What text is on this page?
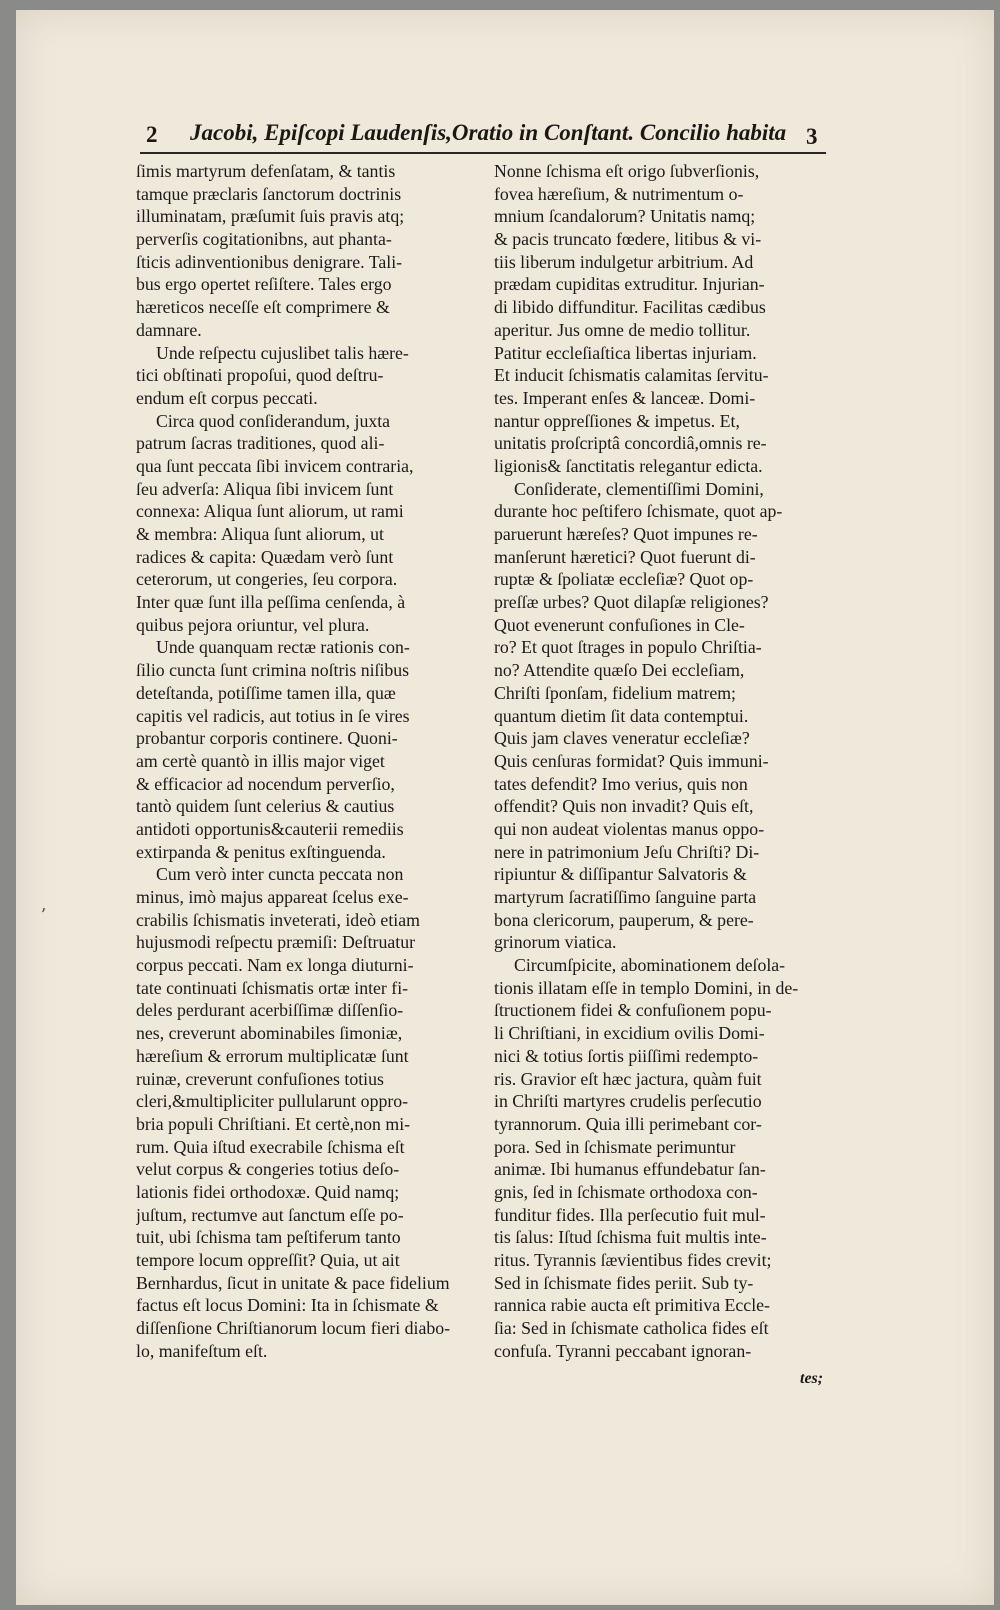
2 Jacobi, Epiſcopi Laudenſis,Oratio in Conſtant. Concilio habita 3
ſimis martyrum defenſatam, & tantis
tamque præclaris ſanctorum doctrinis
illuminatam, præſumit ſuis pravis atq;
perverſis cogitationibns, aut phanta-
ſticis adinventionibus denigrare. Tali-
bus ergo opertet reſiſtere. Tales ergo
hæreticos neceſſe eſt comprimere &
damnare.
Unde reſpectu cujuslibet talis hære-
tici obſtinati propoſui, quod deſtru-
endum eſt corpus peccati.
Circa quod conſiderandum, juxta
patrum ſacras traditiones, quod ali-
qua ſunt peccata ſibi invicem contraria,
ſeu adverſa: Aliqua ſibi invicem ſunt
connexa: Aliqua ſunt aliorum, ut rami
& membra: Aliqua ſunt aliorum, ut
radices & capita: Quædam verò ſunt
ceterorum, ut congeries, ſeu corpora.
Inter quæ ſunt illa peſſima cenſenda, à
quibus pejora oriuntur, vel plura.
Unde quanquam rectæ rationis con-
ſilio cuncta ſunt crimina noſtris niſibus
deteſtanda, potiſſime tamen illa, quæ
capitis vel radicis, aut totius in ſe vires
probantur corporis continere. Quoni-
am certè quantò in illis major viget
& efficacior ad nocendum perverſio,
tantò quidem ſunt celerius & cautius
antidoti opportunis&cauterii remediis
extirpanda & penitus exſtinguenda.
Cum verò inter cuncta peccata non
minus, imò majus appareat ſcelus exe-
crabilis ſchismatis inveterati, ideò etiam
hujusmodi reſpectu præmiſi: Deſtruatur
corpus peccati. Nam ex longa diuturni-
tate continuati ſchismatis ortæ inter fi-
deles perdurant acerbiſſimæ diſſenſio-
nes, creverunt abominabiles ſimoniæ,
hæreſium & errorum multiplicatæ ſunt
ruinæ, creverunt confuſiones totius
cleri,&multipliciter pullularunt oppro-
bria populi Chriſtiani. Et certè,non mi-
rum. Quia iſtud execrabile ſchisma eſt
velut corpus & congeries totius deſo-
lationis fidei orthodoxæ. Quid namq;
juſtum, rectumve aut ſanctum eſſe po-
tuit, ubi ſchisma tam peſtiferum tanto
tempore locum oppreſſit? Quia, ut ait
Bernhardus, ſicut in unitate & pace fidelium
factus eſt locus Domini: Ita in ſchismate &
diſſenſione Chriſtianorum locum fieri diabo-
lo, manifeſtum eſt.
Nonne ſchisma eſt origo ſubverſionis,
fovea hæreſium, & nutrimentum o-
mnium ſcandalorum? Unitatis namq;
& pacis truncato fœdere, litibus & vi-
tiis liberum indulgetur arbitrium. Ad
prædam cupiditas extruditur. Injurian-
di libido diffunditur. Facilitas cædibus
aperitur. Jus omne de medio tollitur.
Patitur eccleſiaſtica libertas injuriam.
Et inducit ſchismatis calamitas ſervitu-
tes. Imperant enſes & lanceæ. Domi-
nantur oppreſſiones & impetus. Et,
unitatis proſcriptâ concordiâ,omnis re-
ligionis& ſanctitatis relegantur edicta.
Conſiderate, clementiſſimi Domini,
durante hoc peſtifero ſchismate, quot ap-
paruerunt hæreſes? Quot impunes re-
manſerunt hæretici? Quot fuerunt di-
ruptæ & ſpoliatæ eccleſiæ? Quot op-
preſſæ urbes? Quot dilapſæ religiones?
Quot evenerunt confuſiones in Cle-
ro? Et quot ſtrages in populo Chriſtia-
no? Attendite quæſo Dei eccleſiam,
Chriſti ſponſam, fidelium matrem;
quantum dietim ſit data contemptui.
Quis jam claves veneratur eccleſiæ?
Quis cenſuras formidat? Quis immuni-
tates defendit? Imo verius, quis non
offendit? Quis non invadit? Quis eſt,
qui non audeat violentas manus oppo-
nere in patrimonium Jeſu Chriſti? Di-
ripiuntur & diſſipantur Salvatoris &
martyrum ſacratiſſimo ſanguine parta
bona clericorum, pauperum, & pere-
grinorum viatica.
Circumſpicite, abominationem deſola-
tionis illatam eſſe in templo Domini, in de-
ſtructionem fidei & confuſionem popu-
li Chriſtiani, in excidium ovilis Domi-
nici & totius ſortis piiſſimi redempto-
ris. Gravior eſt hæc jactura, quàm fuit
in Chriſti martyres crudelis perſecutio
tyrannorum. Quia illi perimebant cor-
pora. Sed in ſchismate perimuntur
animæ. Ibi humanus effundebatur ſan-
gnis, ſed in ſchismate orthodoxa con-
funditur fides. Illa perſecutio fuit mul-
tis ſalus: Iſtud ſchisma fuit multis inte-
ritus. Tyrannis ſævientibus fides crevit;
Sed in ſchismate fides periit. Sub ty-
rannica rabie aucta eſt primitiva Eccle-
ſia: Sed in ſchismate catholica fides eſt
confuſa. Tyranni peccabant ignoran-
tes;
ʼ
